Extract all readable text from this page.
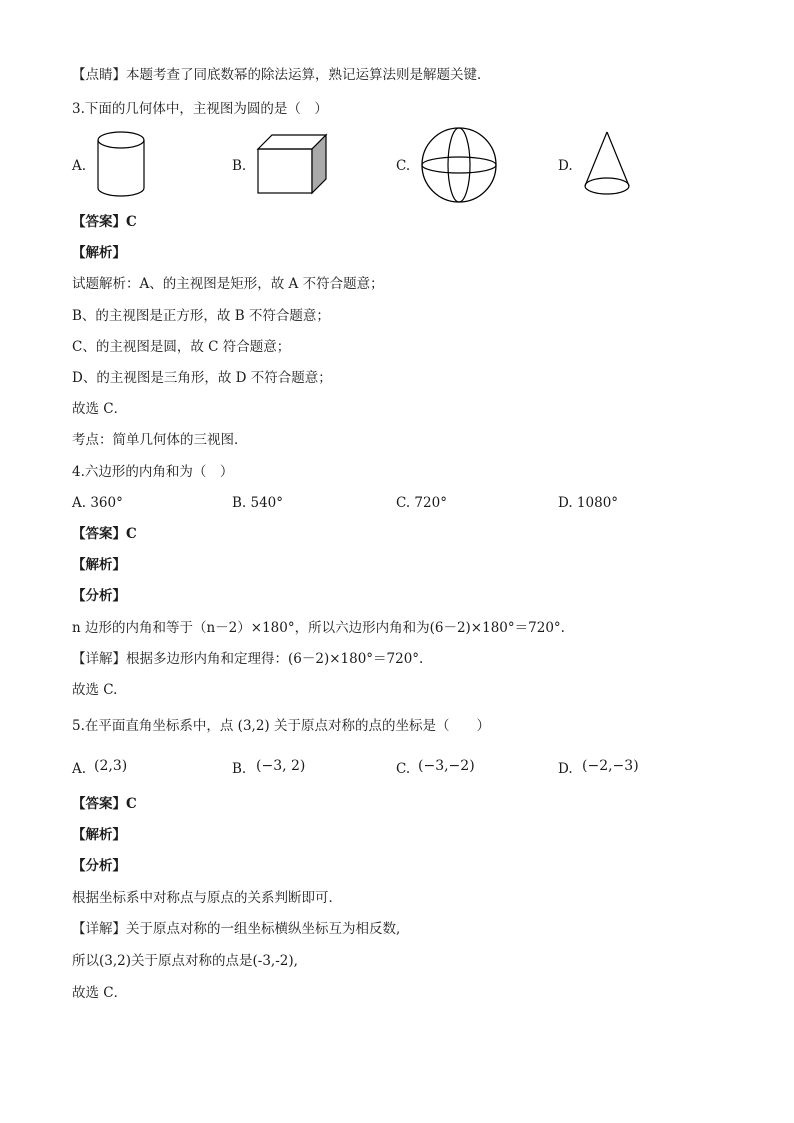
【点睛】本题考查了同底数幂的除法运算，熟记运算法则是解题关键．
3.下面的几何体中，主视图为圆的是（　）
A.	B.	C.	D.
【答案】C
【解析】
试题解析：A、的主视图是矩形，故 A 不符合题意；
B、的主视图是正方形，故 B 不符合题意；
C、的主视图是圆，故 C 符合题意；
D、的主视图是三角形，故 D 不符合题意；
故选 C．
考点：简单几何体的三视图．
4.六边形的内角和为（　）
A. 360°	B. 540°	C. 720°	D. 1080°
【答案】C
【解析】
【分析】
n 边形的内角和等于（n－2）×180°，所以六边形内角和为(6－2)×180°＝720°.
【详解】根据多边形内角和定理得：(6－2)×180°＝720°.
故选 C.
5.在平面直角坐标系中，点 (3,2) 关于原点对称的点的坐标是（　　）
A. (2,3)	B. (−3, 2)	C. (−3,−2)	D. (−2,−3)
【答案】C
【解析】
【分析】
根据坐标系中对称点与原点的关系判断即可．
【详解】关于原点对称的一组坐标横纵坐标互为相反数,
所以(3,2)关于原点对称的点是(-3,-2),
故选 C．
